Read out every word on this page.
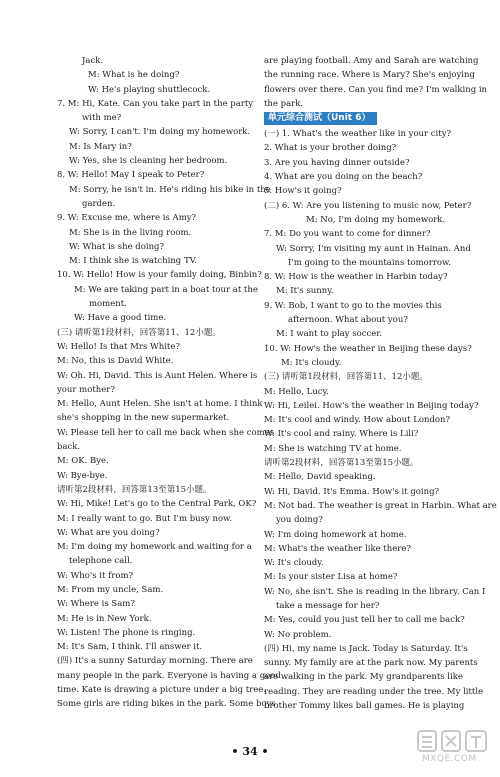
Jack.

M: What is he doing?

W: He's playing shuttlecock.

7. M: Hi, Kate. Can you take part in the party

with me?

W: Sorry, I can't. I'm doing my homework.

M: Is Mary in?

W: Yes, she is cleaning her bedroom.

8. W: Hello! May I speak to Peter?

M: Sorry, he isn't in. He's riding his bike in the

garden.

9. W: Excuse me, where is Amy?

M: She is in the living room.

W: What is she doing?

M: I think she is watching TV.

10. W: Hello! How is your family doing, Binbin?

M: We are taking part in a boat tour at the

moment.

W: Have a good time.

(三) 请听第1段材料，回答第11、12小题。

W: Hello! Is that Mrs White?

M: No, this is David White.

W: Oh. Hi, David. This is Aunt Helen. Where is

your mother?

M: Hello, Aunt Helen. She isn't at home. I think

she's shopping in the new supermarket.

W: Please tell her to call me back when she comes

back.

M: OK. Bye.

W: Bye-bye.

请听第2段材料，回答第13至第15小题。

W: Hi, Mike! Let's go to the Central Park, OK?

M: I really want to go. But I'm busy now.

W: What are you doing?

M: I'm doing my homework and waiting for a

telephone call.

W: Who's it from?

M: From my uncle, Sam.

W: Where is Sam?

M: He is in New York.

W: Listen! The phone is ringing.

M: It's Sam, I think. I'll answer it.

(四) It's a sunny Saturday morning. There are

many people in the park. Everyone is having a good

time. Kate is drawing a picture under a big tree.

Some girls are riding bikes in the park. Some boys

are playing football. Amy and Sarah are watching

the running race. Where is Mary? She's enjoying

flowers over there. Can you find me? I'm walking in

the park.

单元综合测试（Unit 6）

(一) 1. What's the weather like in your city?

2. What is your brother doing?

3. Are you having dinner outside?

4. What are you doing on the beach?

5. How's it going?

(二) 6. W: Are you listening to music now, Peter?

M: No, I'm doing my homework.

7. M: Do you want to come for dinner?

W: Sorry, I'm visiting my aunt in Hainan. And

I'm going to the mountains tomorrow.

8. W: How is the weather in Harbin today?

M: It's sunny.

9. W: Bob, I want to go to the movies this

afternoon. What about you?

M: I want to play soccer.

10. W: How's the weather in Beijing these days?

M: It's cloudy.

(三) 请听第1段材料，回答第11、12小题。

M: Hello, Lucy.

W: Hi, Leilei. How's the weather in Beijing today?

M: It's cool and windy. How about London?

W: It's cool and rainy. Where is Lili?

M: She is watching TV at home.

请听第2段材料，回答第13至第15小题。

M: Hello, David speaking.

W: Hi, David. It's Emma. How's it going?

M: Not bad. The weather is great in Harbin. What are

you doing?

W: I'm doing homework at home.

M: What's the weather like there?

W: It's cloudy.

M: Is your sister Lisa at home?

W: No, she isn't. She is reading in the library. Can I

take a message for her?

M: Yes, could you just tell her to call me back?

W: No problem.

(四) Hi, my name is Jack. Today is Saturday. It's

sunny. My family are at the park now. My parents

are walking in the park. My grandparents like

reading. They are reading under the tree. My little

brother Tommy likes ball games. He is playing

• 34 •
MXQE.COM
